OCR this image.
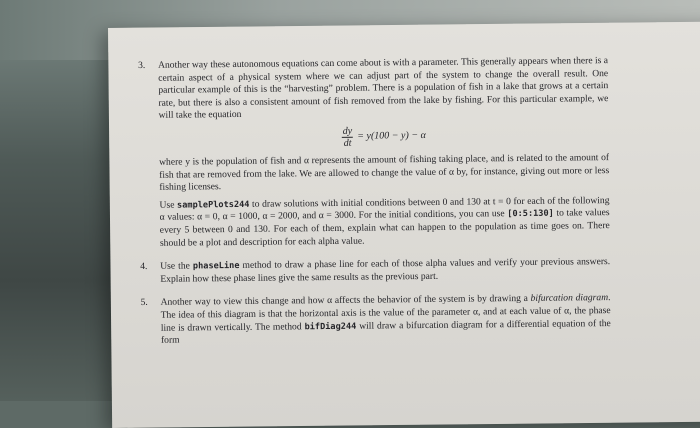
3. Another way these autonomous equations can come about is with a parameter. This generally appears when there is a certain aspect of a physical system where we can adjust part of the system to change the overall result. One particular example of this is the “harvesting” problem. There is a population of fish in a lake that grows at a certain rate, but there is also a consistent amount of fish removed from the lake by fishing. For this particular example, we will take the equation

$\frac{dy}{dt} = y(100 - y) - \alpha$

where y is the population of fish and α represents the amount of fishing taking place, and is related to the amount of fish that are removed from the lake. We are allowed to change the value of α by, for instance, giving out more or less fishing licenses.

Use samplePlots244 to draw solutions with initial conditions between 0 and 130 at t = 0 for each of the following α values: α = 0, α = 1000, α = 2000, and α = 3000. For the initial conditions, you can use [0:5:130] to take values every 5 between 0 and 130. For each of them, explain what can happen to the population as time goes on. There should be a plot and description for each alpha value.

4. Use the phaseLine method to draw a phase line for each of those alpha values and verify your previous answers. Explain how these phase lines give the same results as the previous part.

5. Another way to view this change and how α affects the behavior of the system is by drawing a bifurcation diagram. The idea of this diagram is that the horizontal axis is the value of the parameter α, and at each value of α, the phase line is drawn vertically. The method bifDiag244 will draw a bifurcation diagram for a differential equation of the form
